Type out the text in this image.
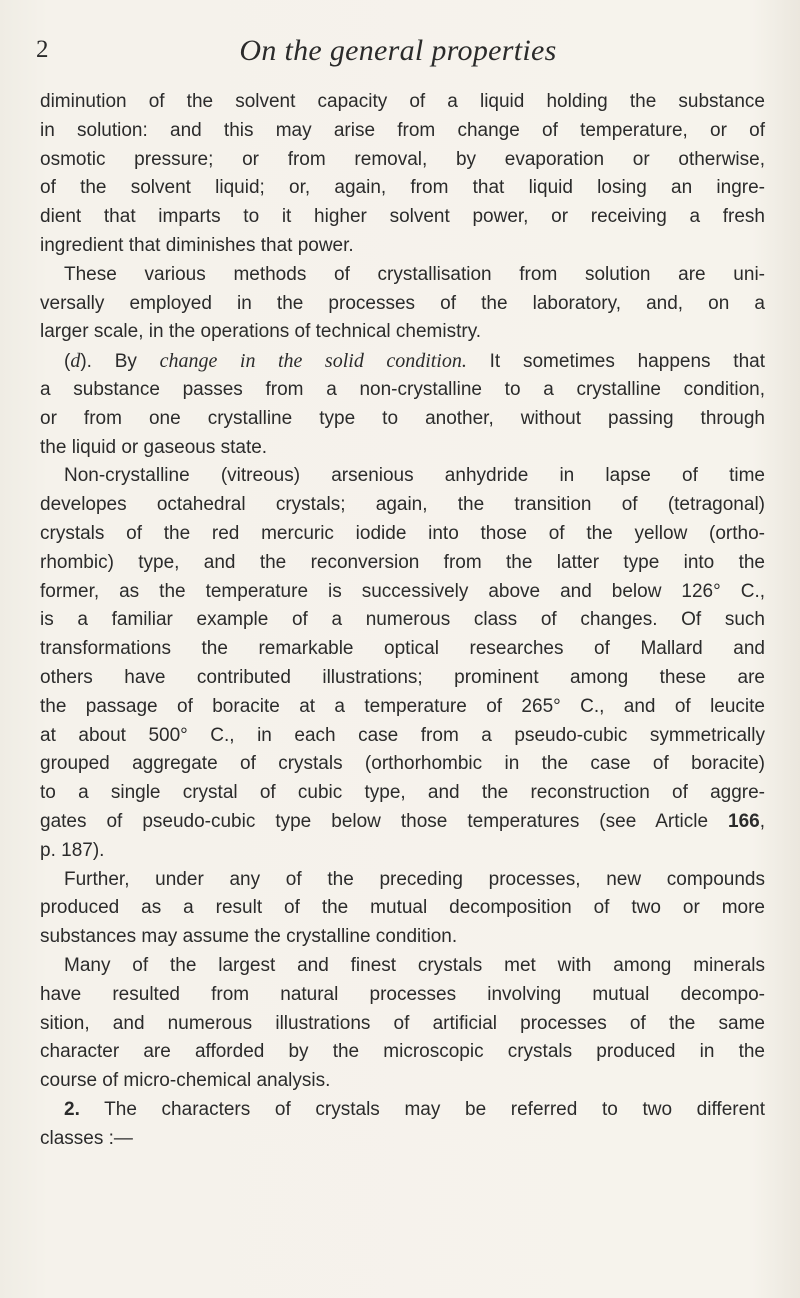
2	On the general properties
diminution of the solvent capacity of a liquid holding the substance
in solution: and this may arise from change of temperature, or of
osmotic pressure; or from removal, by evaporation or otherwise,
of the solvent liquid; or, again, from that liquid losing an ingre-
dient that imparts to it higher solvent power, or receiving a fresh
ingredient that diminishes that power.
These various methods of crystallisation from solution are uni-
versally employed in the processes of the laboratory, and, on a
larger scale, in the operations of technical chemistry.
(d). By change in the solid condition. It sometimes happens that
a substance passes from a non-crystalline to a crystalline condition,
or from one crystalline type to another, without passing through
the liquid or gaseous state.
Non-crystalline (vitreous) arsenious anhydride in lapse of time
developes octahedral crystals; again, the transition of (tetragonal)
crystals of the red mercuric iodide into those of the yellow (ortho-
rhombic) type, and the reconversion from the latter type into the
former, as the temperature is successively above and below 126° C.,
is a familiar example of a numerous class of changes. Of such
transformations the remarkable optical researches of Mallard and
others have contributed illustrations; prominent among these are
the passage of boracite at a temperature of 265° C., and of leucite
at about 500° C., in each case from a pseudo-cubic symmetrically
grouped aggregate of crystals (orthorhombic in the case of boracite)
to a single crystal of cubic type, and the reconstruction of aggre-
gates of pseudo-cubic type below those temperatures (see Article 166,
p. 187).
Further, under any of the preceding processes, new compounds
produced as a result of the mutual decomposition of two or more
substances may assume the crystalline condition.
Many of the largest and finest crystals met with among minerals
have resulted from natural processes involving mutual decompo-
sition, and numerous illustrations of artificial processes of the same
character are afforded by the microscopic crystals produced in the
course of micro-chemical analysis.
2. The characters of crystals may be referred to two different
classes :—
